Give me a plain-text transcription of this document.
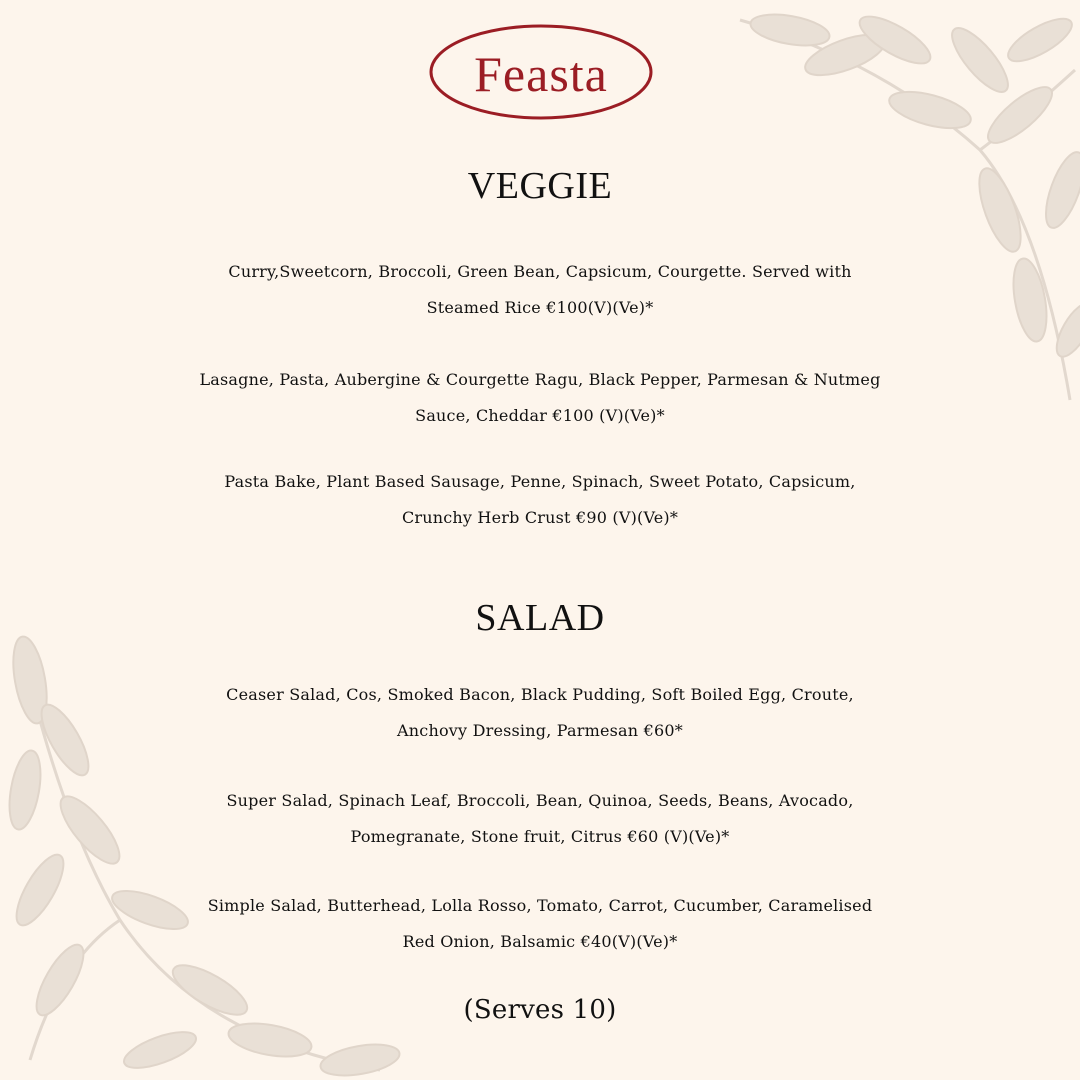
Feasta
VEGGIE

Curry,Sweetcorn, Broccoli, Green Bean, Capsicum, Courgette. Served with
Steamed Rice €100(V)(Ve)*

Lasagne, Pasta, Aubergine & Courgette Ragu, Black Pepper, Parmesan & Nutmeg
Sauce, Cheddar €100 (V)(Ve)*

Pasta Bake, Plant Based Sausage, Penne, Spinach, Sweet Potato, Capsicum,
Crunchy Herb Crust €90 (V)(Ve)*

SALAD

Ceaser Salad, Cos, Smoked Bacon, Black Pudding, Soft Boiled Egg, Croute,
Anchovy Dressing, Parmesan €60*

Super Salad, Spinach Leaf, Broccoli, Bean, Quinoa, Seeds, Beans, Avocado,
Pomegranate, Stone fruit, Citrus €60 (V)(Ve)*

Simple Salad, Butterhead, Lolla Rosso, Tomato, Carrot, Cucumber, Caramelised
Red Onion, Balsamic €40(V)(Ve)*

(Serves 10)
